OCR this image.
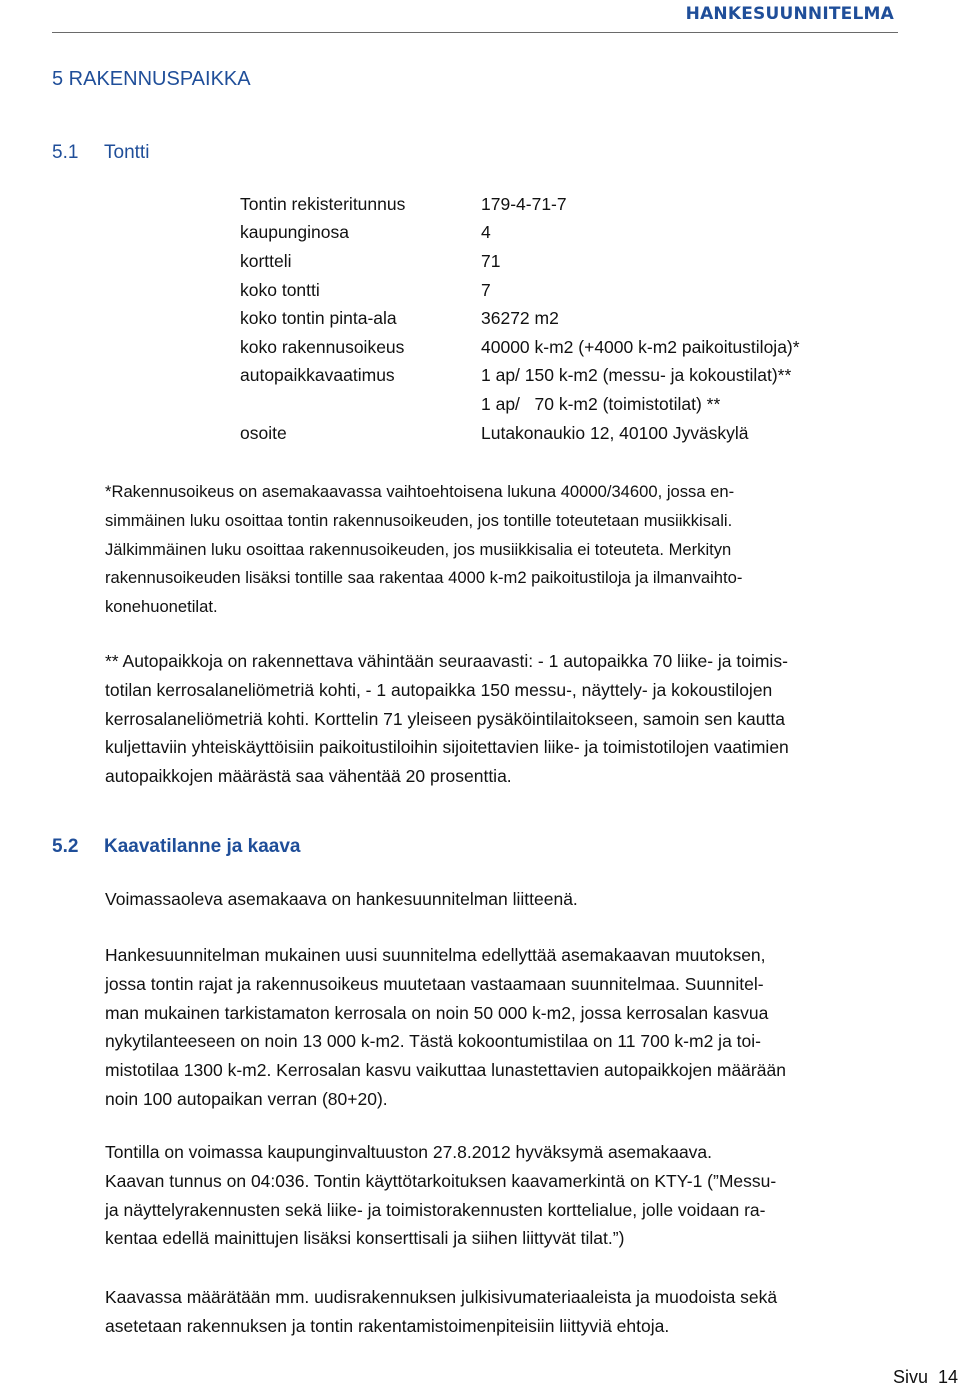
HANKESUUNNITELMA
5 RAKENNUSPAIKKA
5.1 Tontti
Tontin rekisteritunnus	179-4-71-7
kaupunginosa	4
kortteli	71
koko tontti	7
koko tontin pinta-ala	36272 m2
koko rakennusoikeus	40000 k-m2 (+4000 k-m2 paikoitustiloja)*
autopaikkavaatimus	1 ap/ 150 k-m2 (messu- ja kokoustilat)**
	1 ap/   70 k-m2 (toimistotilat) **
osoite	Lutakonaukio 12, 40100 Jyväskylä
*Rakennusoikeus on asemakaavassa vaihtoehtoisena lukuna 40000/34600, jossa en-
simmäinen luku osoittaa tontin rakennusoikeuden, jos tontille toteutetaan musiikkisali.
Jälkimmäinen luku osoittaa rakennusoikeuden, jos musiikkisalia ei toteuteta. Merkityn
rakennusoikeuden lisäksi tontille saa rakentaa 4000 k-m2 paikoitustiloja ja ilmanvaihto-
konehuonetilat.
** Autopaikkoja on rakennettava vähintään seuraavasti: - 1 autopaikka 70 liike- ja toimis-
totilan kerrosalaneliömetriä kohti, - 1 autopaikka 150 messu-, näyttely- ja kokoustilojen
kerrosalaneliömetriä kohti. Korttelin 71 yleiseen pysäköintilaitokseen, samoin sen kautta
kuljettaviin yhteiskäyttöisiin paikoitustiloihin sijoitettavien liike- ja toimistotilojen vaatimien
autopaikkojen määrästä saa vähentää 20 prosenttia.
5.2 Kaavatilanne ja kaava
Voimassaoleva asemakaava on hankesuunnitelman liitteenä.
Hankesuunnitelman mukainen uusi suunnitelma edellyttää asemakaavan muutoksen,
jossa tontin rajat ja rakennusoikeus muutetaan vastaamaan suunnitelmaa. Suunnitel-
man mukainen tarkistamaton kerrosala on noin 50 000 k-m2, jossa kerrosalan kasvua
nykytilanteeseen on noin 13 000 k-m2. Tästä kokoontumistilaa on 11 700 k-m2 ja toi-
mistotilaa 1300 k-m2. Kerrosalan kasvu vaikuttaa lunastettavien autopaikkojen määrään
noin 100 autopaikan verran (80+20).
Tontilla on voimassa kaupunginvaltuuston 27.8.2012 hyväksymä asemakaava.
Kaavan tunnus on 04:036. Tontin käyttötarkoituksen kaavamerkintä on KTY-1 (”Messu-
ja näyttelyrakennusten sekä liike- ja toimistorakennusten korttelialue, jolle voidaan ra-
kentaa edellä mainittujen lisäksi konserttisali ja siihen liittyvät tilat.”)
Kaavassa määrätään mm. uudisrakennuksen julkisivumateriaaleista ja muodoista sekä
asetetaan rakennuksen ja tontin rakentamistoimenpiteisiin liittyviä ehtoja.
Sivu 14
